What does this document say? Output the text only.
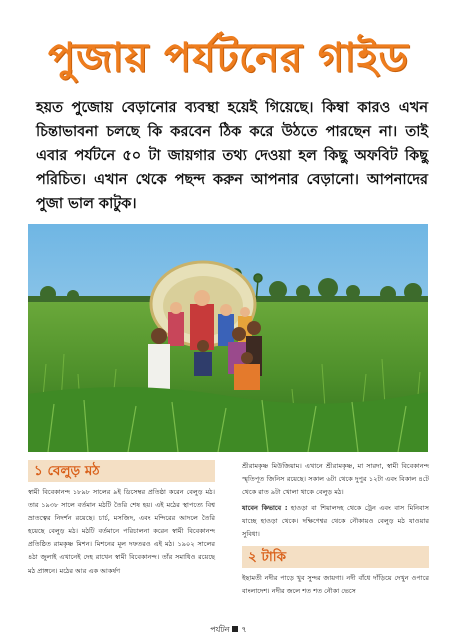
পুজায় পর্যটনের গাইড
হয়ত পুজোয় বেড়ানোর ব্যবস্থা হয়েই গিয়েছে। কিম্বা কারও এখন চিন্তাভাবনা চলছে কি করবেন ঠিক করে উঠতে পারছেন না। তাই এবার পর্যটনে ৫০ টা জায়গার তথ্য দেওয়া হল কিছু অফবিট কিছু পরিচিত। এখান থেকে পছন্দ করুন আপনার বেড়ানো। আপনাদের পুজা ভাল কাটুক।
১ বেলুড় মঠ
স্বামী বিবেকানন্দ ১৮৯৮ সালের ৯ই ডিসেম্বর প্রতিষ্ঠা করেন বেলুড় মঠ। তার ১৯৩৮ সালে বর্তমান মঠটি তৈরি শেষ হয়। এই মঠের স্থাপত্যে বিশ্ব ভ্রাতত্বের নিদর্শন রয়েছে। চার্চ, মসজিদ, এবং মন্দিরের আদলে তৈরি হয়েছে বেলুড় মঠ। মঠটি বর্তমানে পরিচালনা করেন স্বামী বিবেকানন্দ প্রতিষ্ঠিত রামকৃষ্ণ মিশন। মিশনের মূল দফতরও এই মঠ। ১৯০২ সালের ৪ঠা জুলাই এখানেই দেহ রাখেন স্বামী বিবেকানন্দ। তাঁর সমাধিও রয়েছে মঠ প্রাঙ্গনে। মঠের আর এক আকর্ষণ
শ্রীরামকৃষ্ণ মিউজিয়াম। এখানে শ্রীরামকৃষ্ণ, মা সারদা, স্বামী বিবেকানন্দ স্মৃতিপূত জিনিস রয়েছে। সকাল ৬টা থেকে দুপুর ১২টা এবং বিকাল ৪টে থেকে রাত ৯টা খোলা থাকে বেলুড় মঠ।
যাবেন কিভাবে : হাওড়া বা শিয়ালদহ থেকে ট্রেন এবং বাস মিনিবাস যাচ্ছে হাওড়া থেকে। দক্ষিণেশ্বর থেকে নৌকায়ও বেলুড় মঠ যাওয়ার সুবিধা।
২ টাকি
ইছামতী নদীর পাড়ে খুব সুন্দর জায়গা। নদী বাঁধে দাঁড়িয়ে দেখুন ওপারে বাংলাদেশ। নদীর জলে শত শত নৌকা ভেসে
পর্যটন ৭
